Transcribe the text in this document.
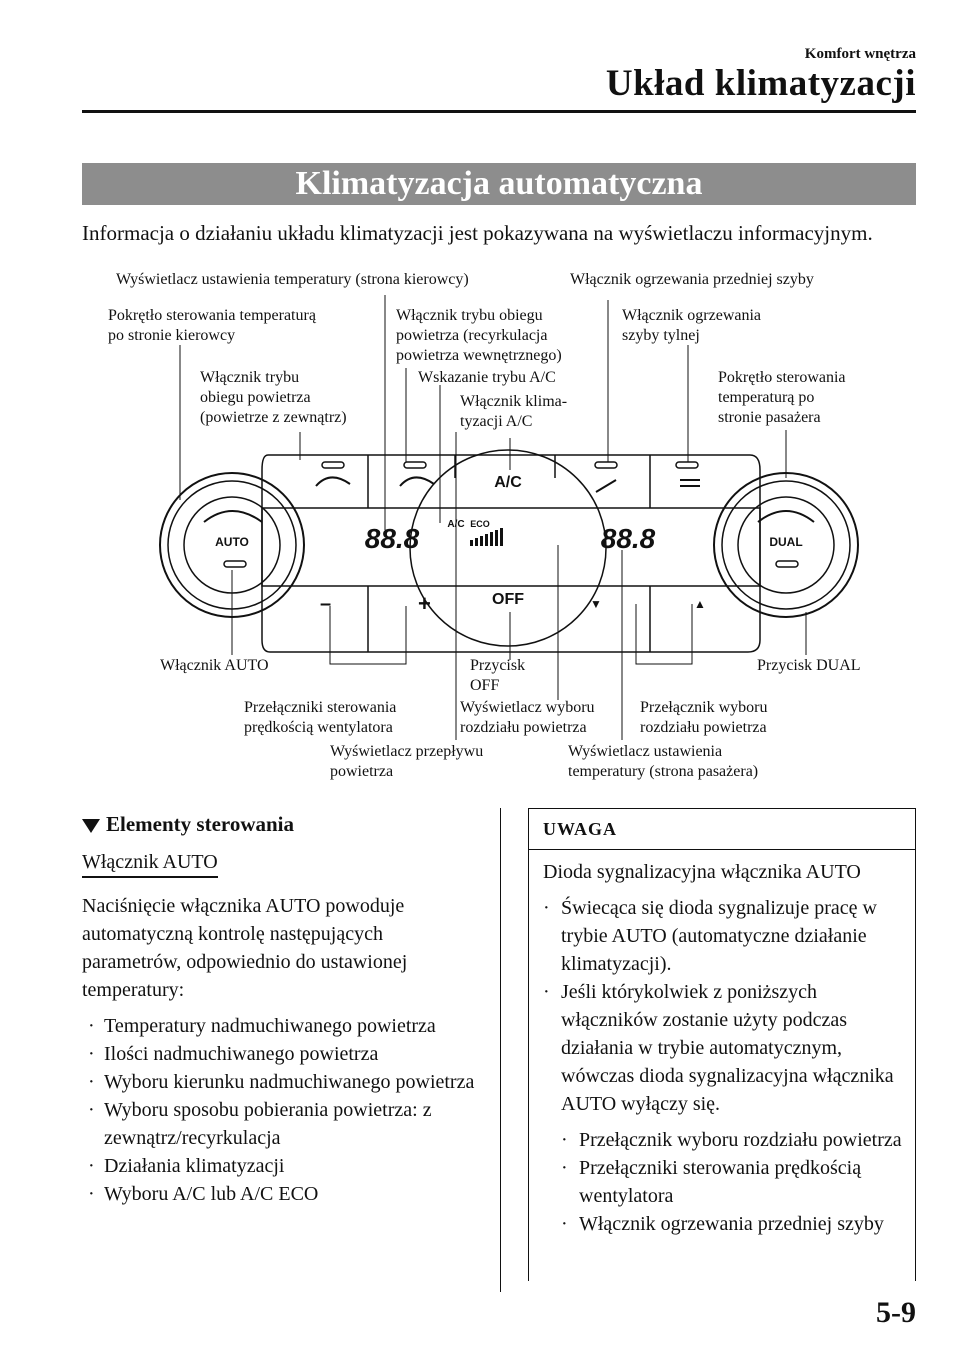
Komfort wnętrza
Układ klimatyzacji
Klimatyzacja automatyczna
Informacja o działaniu układu klimatyzacji jest pokazywana na wyświetlaczu informacyjnym.
AUTO	DUAL
A/C
OFF
88.8	88.8
A/C ECO
–	+	▼	▲
Wyświetlacz ustawienia temperatury (strona kierowcy)	Włącznik ogrzewania przedniej szyby
Pokrętło sterowania temperaturą
po stronie kierowcy
Włącznik trybu obiegu
powietrza (recyrkulacja
powietrza wewnętrznego)
Włącznik ogrzewania
szyby tylnej
Włącznik trybu
obiegu powietrza
(powietrze z zewnątrz)
Wskazanie trybu A/C
Włącznik klima-
tyzacji A/C
Pokrętło sterowania
temperaturą po
stronie pasażera
Włącznik AUTO	Przycisk
OFF
Przycisk DUAL
Przełączniki sterowania
prędkością wentylatora
Wyświetlacz wyboru
rozdziału powietrza
Przełącznik wyboru
rozdziału powietrza
Wyświetlacz przepływu
powietrza
Wyświetlacz ustawienia
temperatury (strona pasażera)
Elementy sterowania
Włącznik AUTO
Naciśnięcie włącznika AUTO powoduje automatyczną kontrolę następujących parametrów, odpowiednio do ustawionej temperatury:
· Temperatury nadmuchiwanego powietrza
· Ilości nadmuchiwanego powietrza
· Wyboru kierunku nadmuchiwanego powietrza
· Wyboru sposobu pobierania powietrza: z zewnątrz/recyrkulacja
· Działania klimatyzacji
· Wyboru A/C lub A/C ECO
UWAGA
Dioda sygnalizacyjna włącznika AUTO
· Świecąca się dioda sygnalizuje pracę w trybie AUTO (automatyczne działanie klimatyzacji).
· Jeśli którykolwiek z poniższych włączników zostanie użyty podczas działania w trybie automatycznym, wówczas dioda sygnalizacyjna włącznika AUTO wyłączy się.
· Przełącznik wyboru rozdziału powietrza
· Przełączniki sterowania prędkością wentylatora
· Włącznik ogrzewania przedniej szyby
5-9
